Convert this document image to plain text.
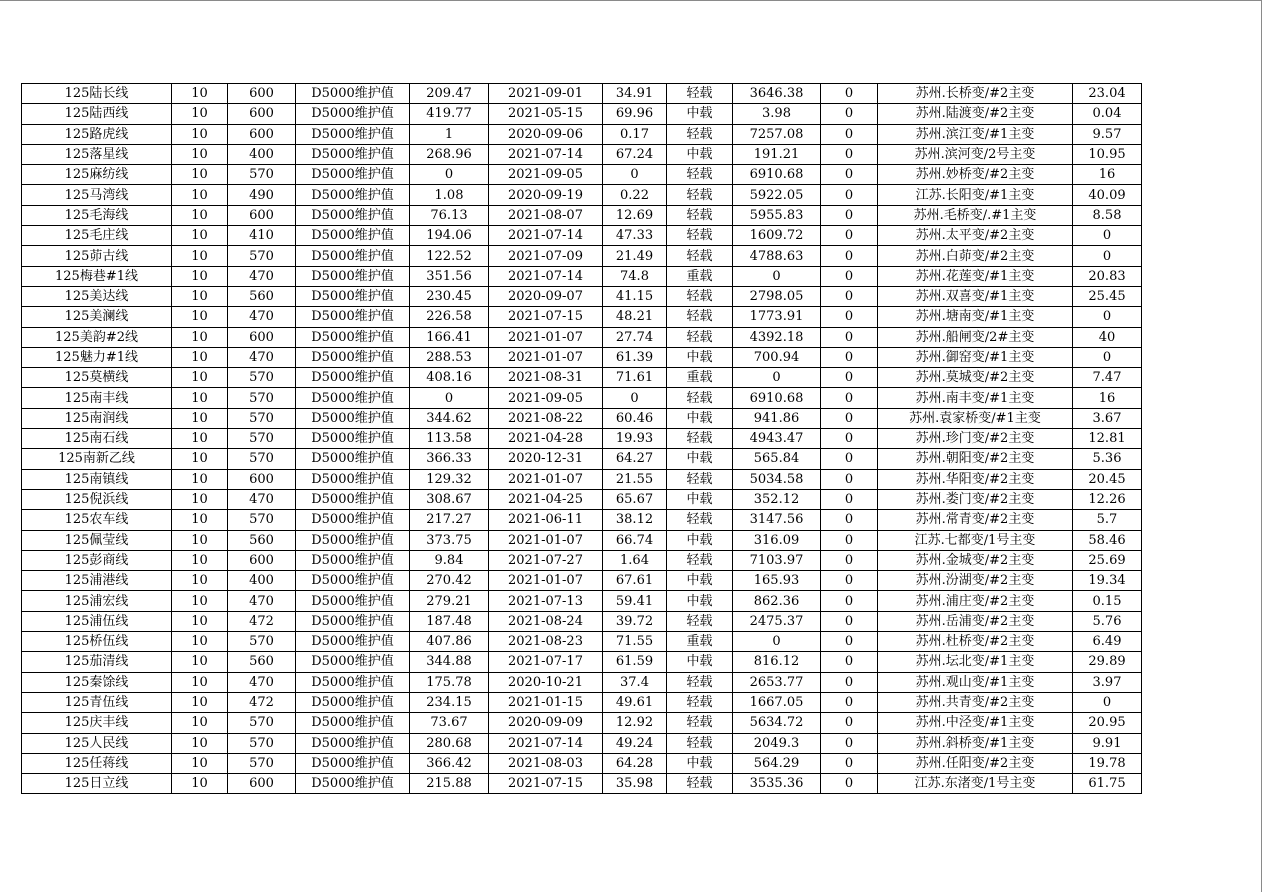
125陆长线	10	600	D5000维护值	209.47	2021-09-01	34.91	轻载	3646.38	0	苏州.长桥变/#2主变	23.04
125陆西线	10	600	D5000维护值	419.77	2021-05-15	69.96	中载	3.98	0	苏州.陆渡变/#2主变	0.04
125路虎线	10	600	D5000维护值	1	2020-09-06	0.17	轻载	7257.08	0	苏州.滨江变/#1主变	9.57
125落星线	10	400	D5000维护值	268.96	2021-07-14	67.24	中载	191.21	0	苏州.滨河变/2号主变	10.95
125麻纺线	10	570	D5000维护值	0	2021-09-05	0	轻载	6910.68	0	苏州.妙桥变/#2主变	16
125马湾线	10	490	D5000维护值	1.08	2020-09-19	0.22	轻载	5922.05	0	江苏.长阳变/#1主变	40.09
125毛海线	10	600	D5000维护值	76.13	2021-08-07	12.69	轻载	5955.83	0	苏州.毛桥变/.#1主变	8.58
125毛庄线	10	410	D5000维护值	194.06	2021-07-14	47.33	轻载	1609.72	0	苏州.太平变/#2主变	0
125茆古线	10	570	D5000维护值	122.52	2021-07-09	21.49	轻载	4788.63	0	苏州.白茆变/#2主变	0
125梅巷#1线	10	470	D5000维护值	351.56	2021-07-14	74.8	重载	0	0	苏州.花莲变/#1主变	20.83
125美达线	10	560	D5000维护值	230.45	2020-09-07	41.15	轻载	2798.05	0	苏州.双喜变/#1主变	25.45
125美澜线	10	470	D5000维护值	226.58	2021-07-15	48.21	轻载	1773.91	0	苏州.塘南变/#1主变	0
125美韵#2线	10	600	D5000维护值	166.41	2021-01-07	27.74	轻载	4392.18	0	苏州.船闸变/2#主变	40
125魅力#1线	10	470	D5000维护值	288.53	2021-01-07	61.39	中载	700.94	0	苏州.御窑变/#1主变	0
125莫横线	10	570	D5000维护值	408.16	2021-08-31	71.61	重载	0	0	苏州.莫城变/#2主变	7.47
125南丰线	10	570	D5000维护值	0	2021-09-05	0	轻载	6910.68	0	苏州.南丰变/#1主变	16
125南润线	10	570	D5000维护值	344.62	2021-08-22	60.46	中载	941.86	0	苏州.袁家桥变/#1主变	3.67
125南石线	10	570	D5000维护值	113.58	2021-04-28	19.93	轻载	4943.47	0	苏州.珍门变/#2主变	12.81
125南新乙线	10	570	D5000维护值	366.33	2020-12-31	64.27	中载	565.84	0	苏州.朝阳变/#2主变	5.36
125南镇线	10	600	D5000维护值	129.32	2021-01-07	21.55	轻载	5034.58	0	苏州.华阳变/#2主变	20.45
125倪浜线	10	470	D5000维护值	308.67	2021-04-25	65.67	中载	352.12	0	苏州.娄门变/#2主变	12.26
125农车线	10	570	D5000维护值	217.27	2021-06-11	38.12	轻载	3147.56	0	苏州.常青变/#2主变	5.7
125佩莹线	10	560	D5000维护值	373.75	2021-01-07	66.74	中载	316.09	0	江苏.七都变/1号主变	58.46
125彭商线	10	600	D5000维护值	9.84	2021-07-27	1.64	轻载	7103.97	0	苏州.金城变/#2主变	25.69
125浦港线	10	400	D5000维护值	270.42	2021-01-07	67.61	中载	165.93	0	苏州.汾湖变/#2主变	19.34
125浦宏线	10	470	D5000维护值	279.21	2021-07-13	59.41	中载	862.36	0	苏州.浦庄变/#2主变	0.15
125浦伍线	10	472	D5000维护值	187.48	2021-08-24	39.72	轻载	2475.37	0	苏州.岳浦变/#2主变	5.76
125桥伍线	10	570	D5000维护值	407.86	2021-08-23	71.55	重载	0	0	苏州.杜桥变/#2主变	6.49
125茄清线	10	560	D5000维护值	344.88	2021-07-17	61.59	中载	816.12	0	苏州.坛北变/#1主变	29.89
125秦馀线	10	470	D5000维护值	175.78	2020-10-21	37.4	轻载	2653.77	0	苏州.观山变/#1主变	3.97
125青伍线	10	472	D5000维护值	234.15	2021-01-15	49.61	轻载	1667.05	0	苏州.共青变/#2主变	0
125庆丰线	10	570	D5000维护值	73.67	2020-09-09	12.92	轻载	5634.72	0	苏州.中泾变/#1主变	20.95
125人民线	10	570	D5000维护值	280.68	2021-07-14	49.24	轻载	2049.3	0	苏州.斜桥变/#1主变	9.91
125任蒋线	10	570	D5000维护值	366.42	2021-08-03	64.28	中载	564.29	0	苏州.任阳变/#2主变	19.78
125日立线	10	600	D5000维护值	215.88	2021-07-15	35.98	轻载	3535.36	0	江苏.东渚变/1号主变	61.75
